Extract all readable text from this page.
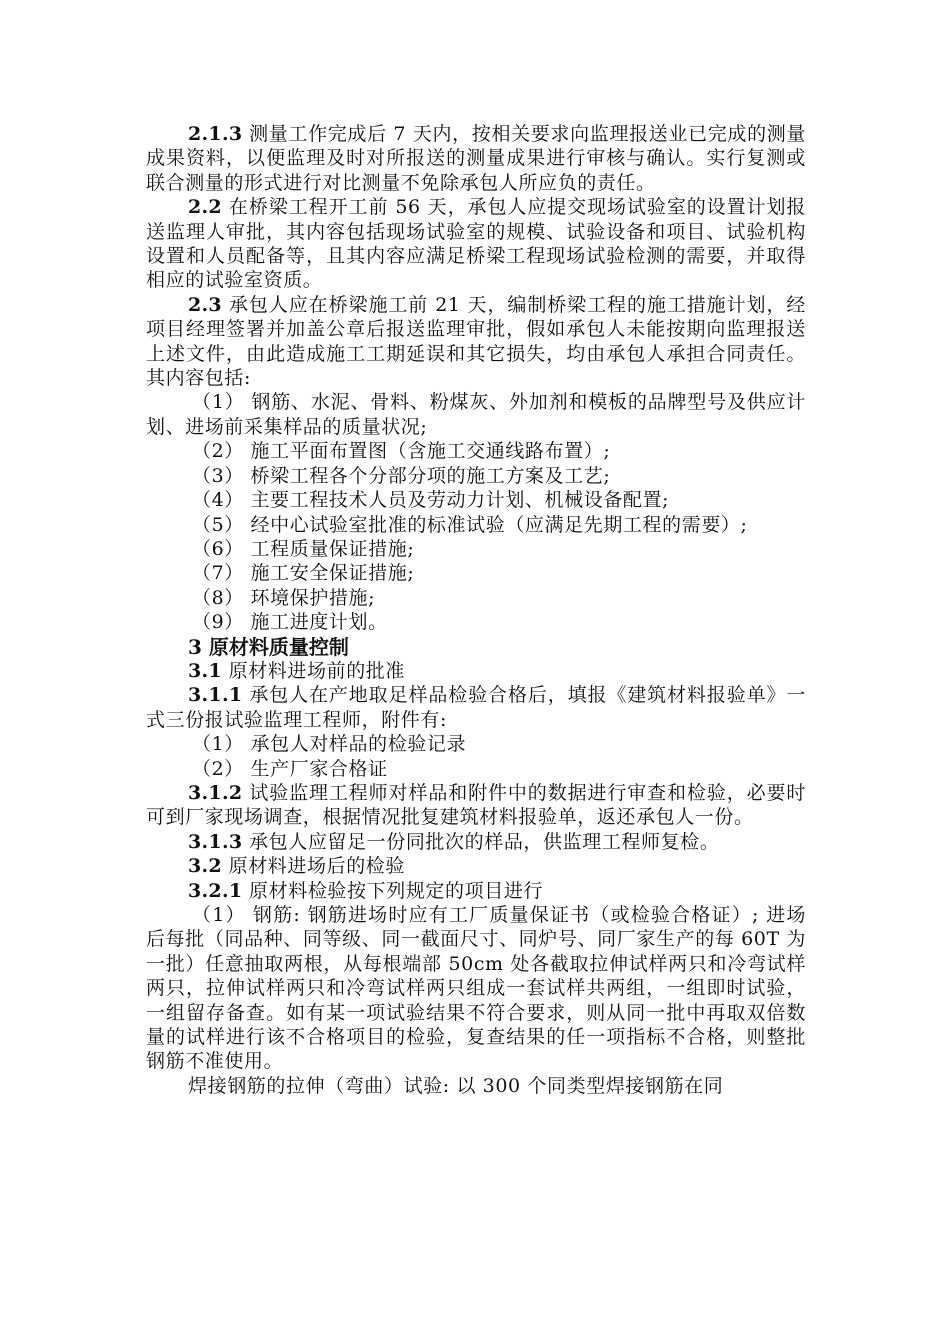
2.1.3 测量工作完成后 7 天内，按相关要求向监理报送业已完成的测量成果资料，以便监理及时对所报送的测量成果进行审核与确认。实行复测或联合测量的形式进行对比测量不免除承包人所应负的责任。

2.2 在桥梁工程开工前 56 天，承包人应提交现场试验室的设置计划报送监理人审批，其内容包括现场试验室的规模、试验设备和项目、试验机构设置和人员配备等，且其内容应满足桥梁工程现场试验检测的需要，并取得相应的试验室资质。

2.3 承包人应在桥梁施工前 21 天，编制桥梁工程的施工措施计划，经项目经理签署并加盖公章后报送监理审批，假如承包人未能按期向监理报送上述文件，由此造成施工工期延误和其它损失，均由承包人承担合同责任。其内容包括:

（1） 钢筋、水泥、骨料、粉煤灰、外加剂和模板的品牌型号及供应计划、进场前采集样品的质量状况;

（2） 施工平面布置图（含施工交通线路布置）;

（3） 桥梁工程各个分部分项的施工方案及工艺;

（4） 主要工程技术人员及劳动力计划、机械设备配置;

（5） 经中心试验室批准的标准试验（应满足先期工程的需要）;

（6） 工程质量保证措施;

（7） 施工安全保证措施;

（8） 环境保护措施;

（9） 施工进度计划。

3 原材料质量控制

3.1 原材料进场前的批准

3.1.1 承包人在产地取足样品检验合格后，填报《建筑材料报验单》一式三份报试验监理工程师，附件有:

（1） 承包人对样品的检验记录

（2） 生产厂家合格证

3.1.2 试验监理工程师对样品和附件中的数据进行审查和检验，必要时可到厂家现场调查，根据情况批复建筑材料报验单，返还承包人一份。

3.1.3 承包人应留足一份同批次的样品，供监理工程师复检。

3.2 原材料进场后的检验

3.2.1 原材料检验按下列规定的项目进行

（1） 钢筋: 钢筋进场时应有工厂质量保证书（或检验合格证）; 进场后每批（同品种、同等级、同一截面尺寸、同炉号、同厂家生产的每 60T 为一批）任意抽取两根，从每根端部 50cm 处各截取拉伸试样两只和冷弯试样两只，拉伸试样两只和冷弯试样两只组成一套试样共两组，一组即时试验，一组留存备查。如有某一项试验结果不符合要求，则从同一批中再取双倍数量的试样进行该不合格项目的检验，复查结果的任一项指标不合格，则整批钢筋不准使用。

焊接钢筋的拉伸（弯曲）试验: 以 300 个同类型焊接钢筋在同
